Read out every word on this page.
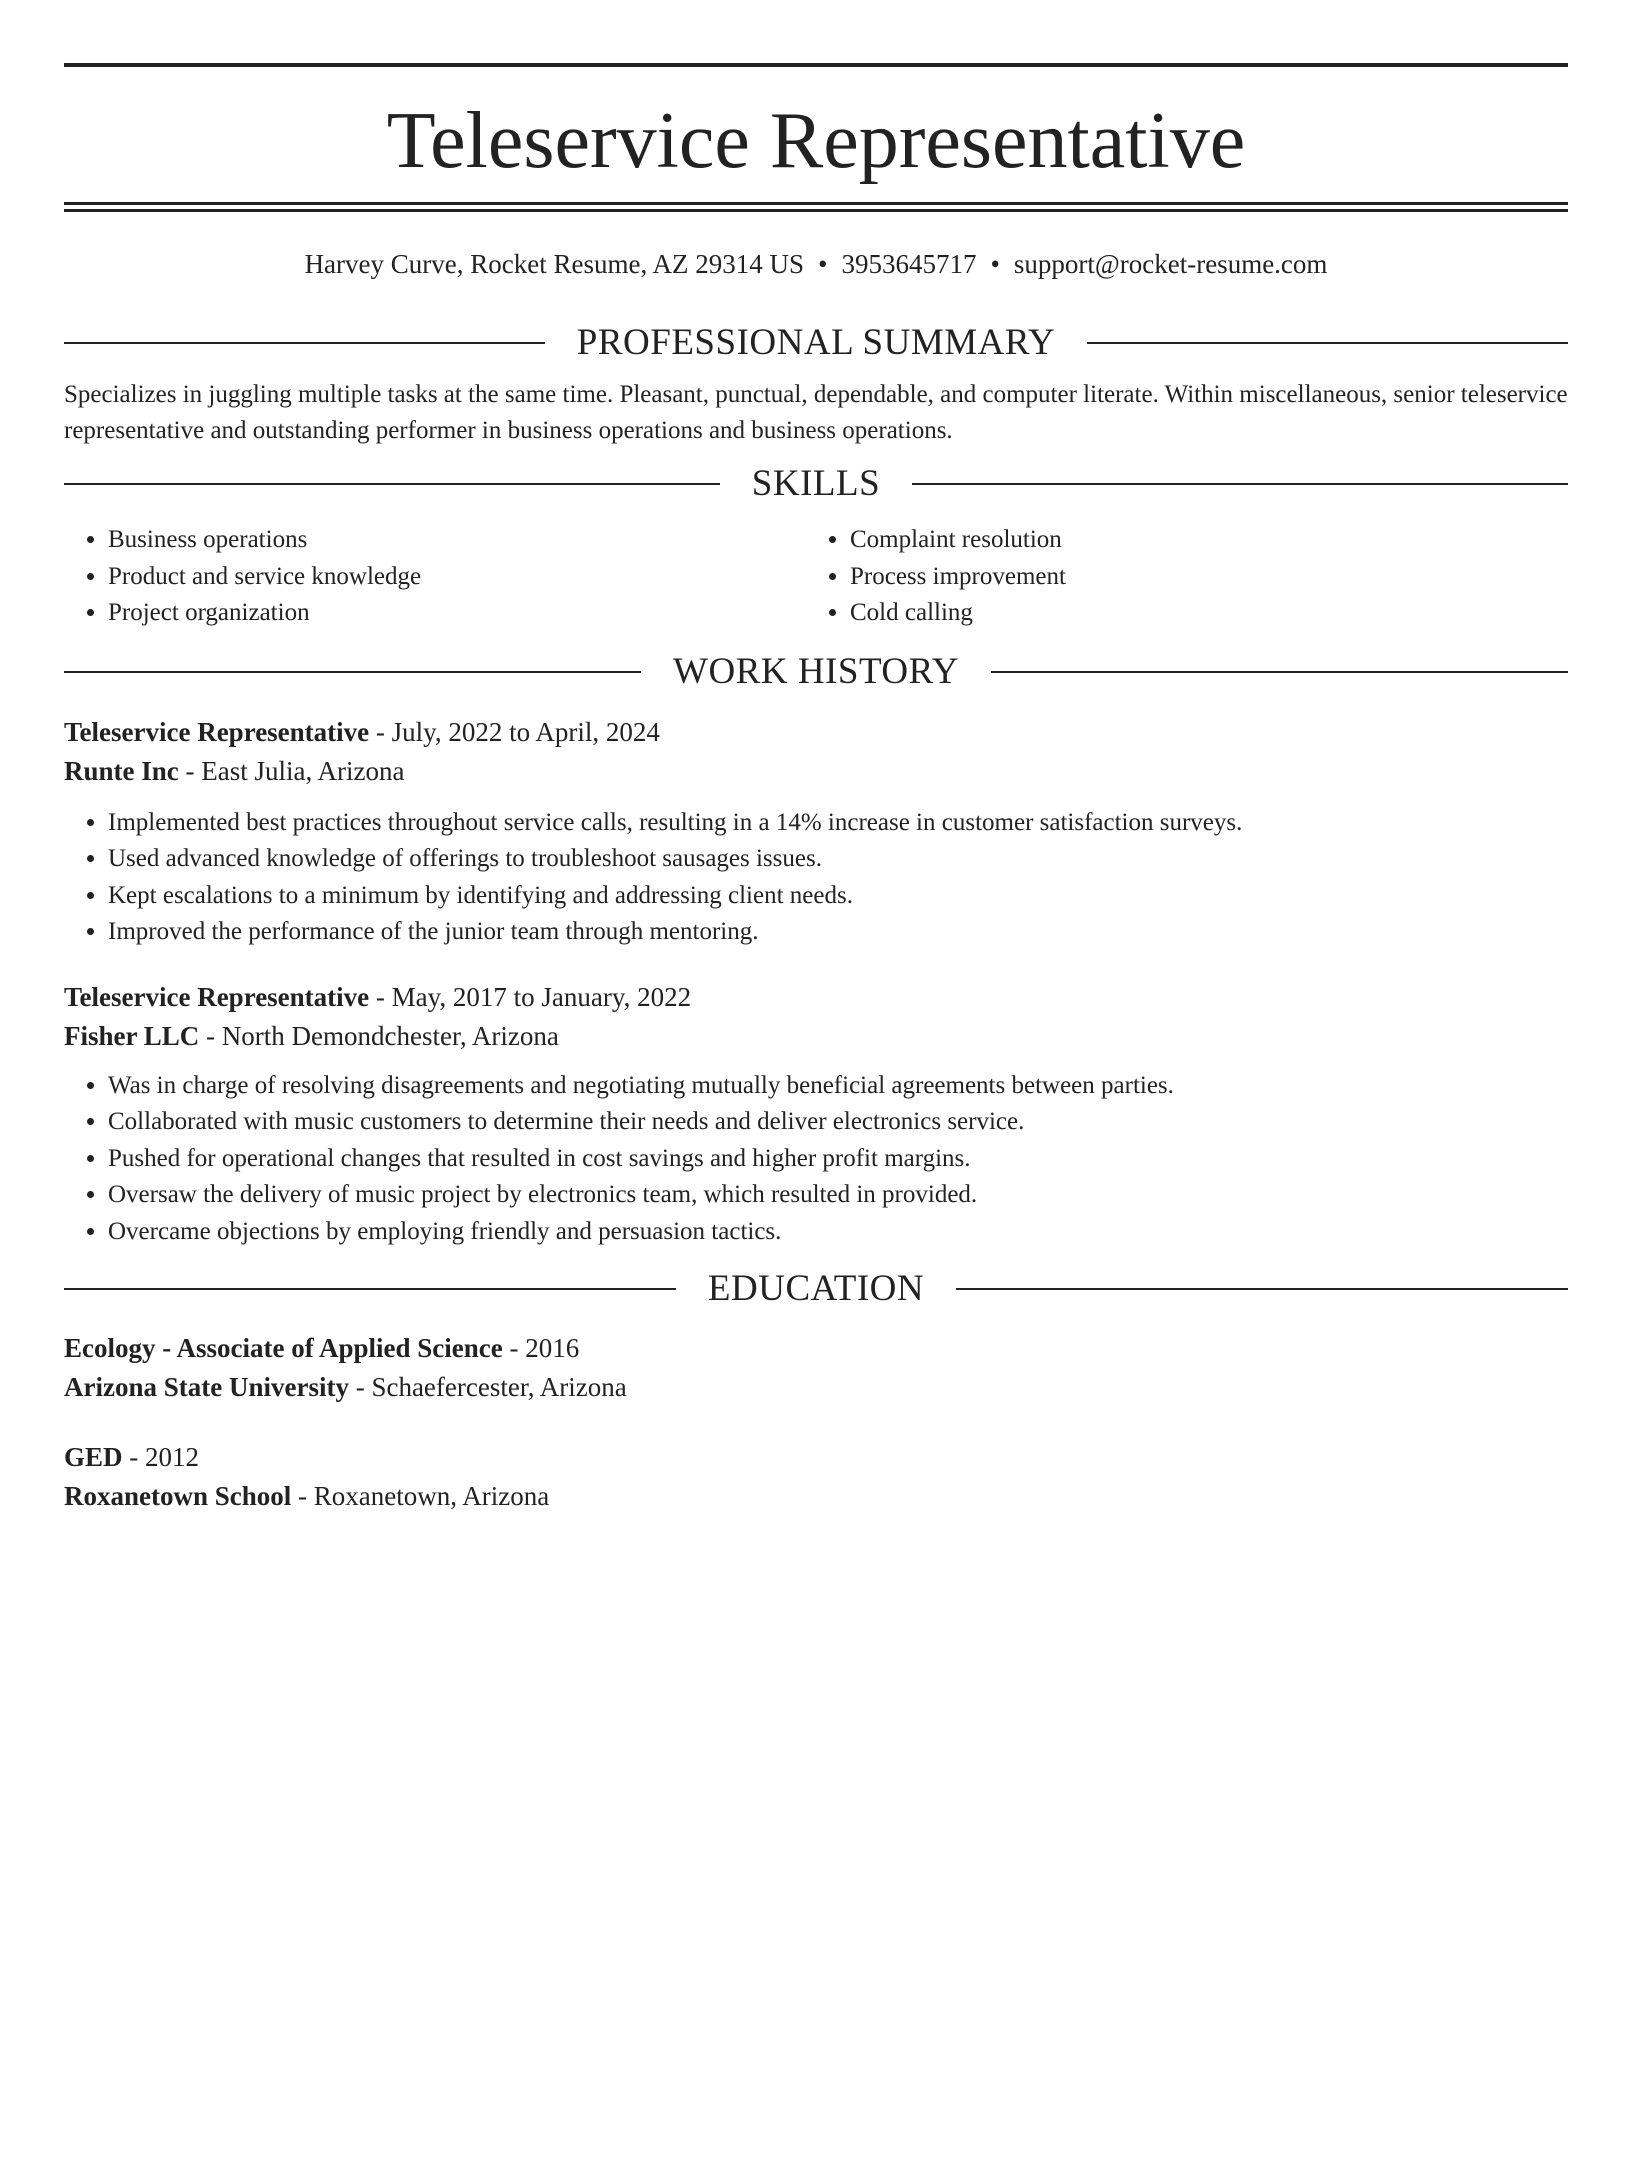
Teleservice Representative
Harvey Curve, Rocket Resume, AZ 29314 US • 3953645717 • support@rocket-resume.com
PROFESSIONAL SUMMARY

Specializes in juggling multiple tasks at the same time. Pleasant, punctual, dependable, and computer literate. Within miscellaneous, senior teleservice representative and outstanding performer in business operations and business operations.

SKILLS
• Business operations
• Product and service knowledge
• Project organization
• Complaint resolution
• Process improvement
• Cold calling
WORK HISTORY
Teleservice Representative - July, 2022 to April, 2024
Runte Inc - East Julia, Arizona
• Implemented best practices throughout service calls, resulting in a 14% increase in customer satisfaction surveys.
• Used advanced knowledge of offerings to troubleshoot sausages issues.
• Kept escalations to a minimum by identifying and addressing client needs.
• Improved the performance of the junior team through mentoring.
Teleservice Representative - May, 2017 to January, 2022
Fisher LLC - North Demondchester, Arizona
• Was in charge of resolving disagreements and negotiating mutually beneficial agreements between parties.
• Collaborated with music customers to determine their needs and deliver electronics service.
• Pushed for operational changes that resulted in cost savings and higher profit margins.
• Oversaw the delivery of music project by electronics team, which resulted in provided.
• Overcame objections by employing friendly and persuasion tactics.
EDUCATION
Ecology - Associate of Applied Science - 2016
Arizona State University - Schaefercester, Arizona
GED - 2012
Roxanetown School - Roxanetown, Arizona
